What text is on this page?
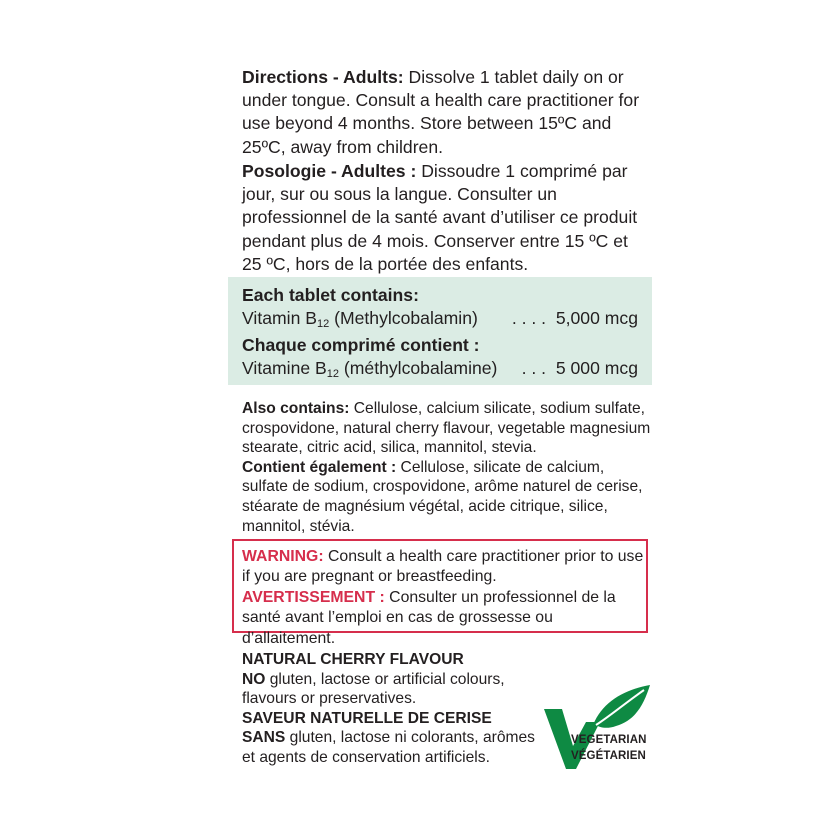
Directions - Adults: Dissolve 1 tablet daily on or under tongue. Consult a health care practitioner for use beyond 4 months. Store between 15ºC and 25ºC, away from children.

Posologie - Adultes : Dissoudre 1 comprimé par jour, sur ou sous la langue. Consulter un professionnel de la santé avant d’utiliser ce produit pendant plus de 4 mois. Conserver entre 15 ºC et 25 ºC, hors de la portée des enfants.

Each tablet contains:
Vitamin B12 (Methylcobalamin) . . . . 5,000 mcg
Chaque comprimé contient :
Vitamine B12 (méthylcobalamine) . . . 5 000 mcg

Also contains: Cellulose, calcium silicate, sodium sulfate, crospovidone, natural cherry flavour, vegetable magnesium stearate, citric acid, silica, mannitol, stevia.

Contient également : Cellulose, silicate de calcium, sulfate de sodium, crospovidone, arôme naturel de cerise, stéarate de magnésium végétal, acide citrique, silice, mannitol, stévia.

WARNING: Consult a health care practitioner prior to use if you are pregnant or breastfeeding.
AVERTISSEMENT : Consulter un professionnel de la santé avant l’emploi en cas de grossesse ou d’allaitement.

NATURAL CHERRY FLAVOUR

NO gluten, lactose or artificial colours, flavours or preservatives.

SAVEUR NATURELLE DE CERISE

SANS gluten, lactose ni colorants, arômes et agents de conservation artificiels.

VEGETARIAN
VÉGÉTARIEN
